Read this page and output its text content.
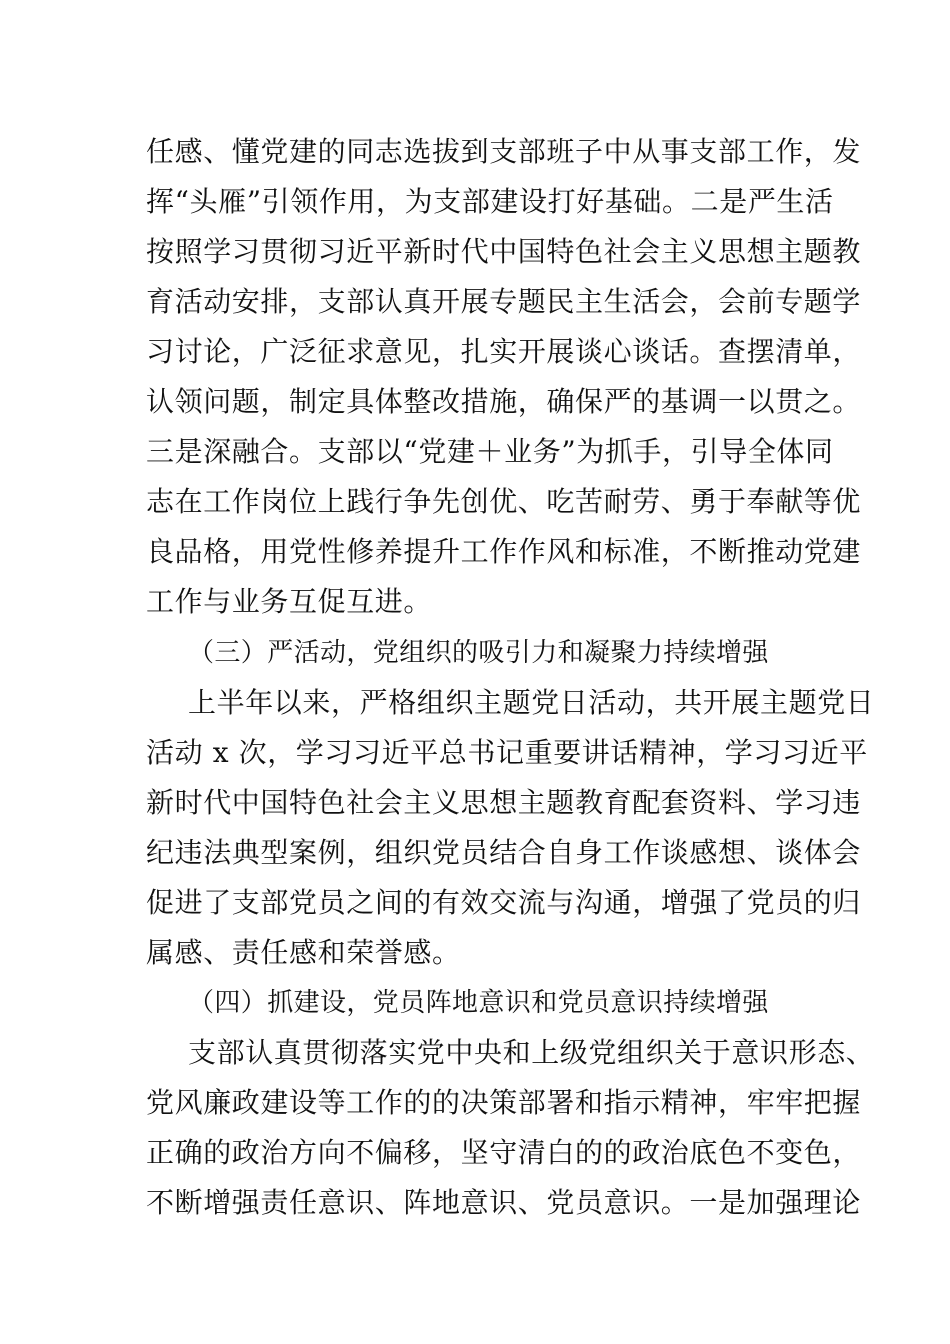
任感、懂党建的同志选拔到支部班子中从事支部工作，发
挥“头雁”引领作用，为支部建设打好基础。二是严生活
按照学习贯彻习近平新时代中国特色社会主义思想主题教
育活动安排，支部认真开展专题民主生活会，会前专题学
习讨论，广泛征求意见，扎实开展谈心谈话。查摆清单，
认领问题，制定具体整改措施，确保严的基调一以贯之。
三是深融合。支部以“党建＋业务”为抓手，引导全体同
志在工作岗位上践行争先创优、吃苦耐劳、勇于奉献等优
良品格，用党性修养提升工作作风和标准，不断推动党建
工作与业务互促互进。
（三）严活动，党组织的吸引力和凝聚力持续增强
上半年以来，严格组织主题党日活动，共开展主题党日
活动 x 次，学习习近平总书记重要讲话精神，学习习近平
新时代中国特色社会主义思想主题教育配套资料、学习违
纪违法典型案例，组织党员结合自身工作谈感想、谈体会
促进了支部党员之间的有效交流与沟通，增强了党员的归
属感、责任感和荣誉感。
（四）抓建设，党员阵地意识和党员意识持续增强
支部认真贯彻落实党中央和上级党组织关于意识形态、
党风廉政建设等工作的的决策部署和指示精神，牢牢把握
正确的政治方向不偏移，坚守清白的的政治底色不变色，
不断增强责任意识、阵地意识、党员意识。一是加强理论
